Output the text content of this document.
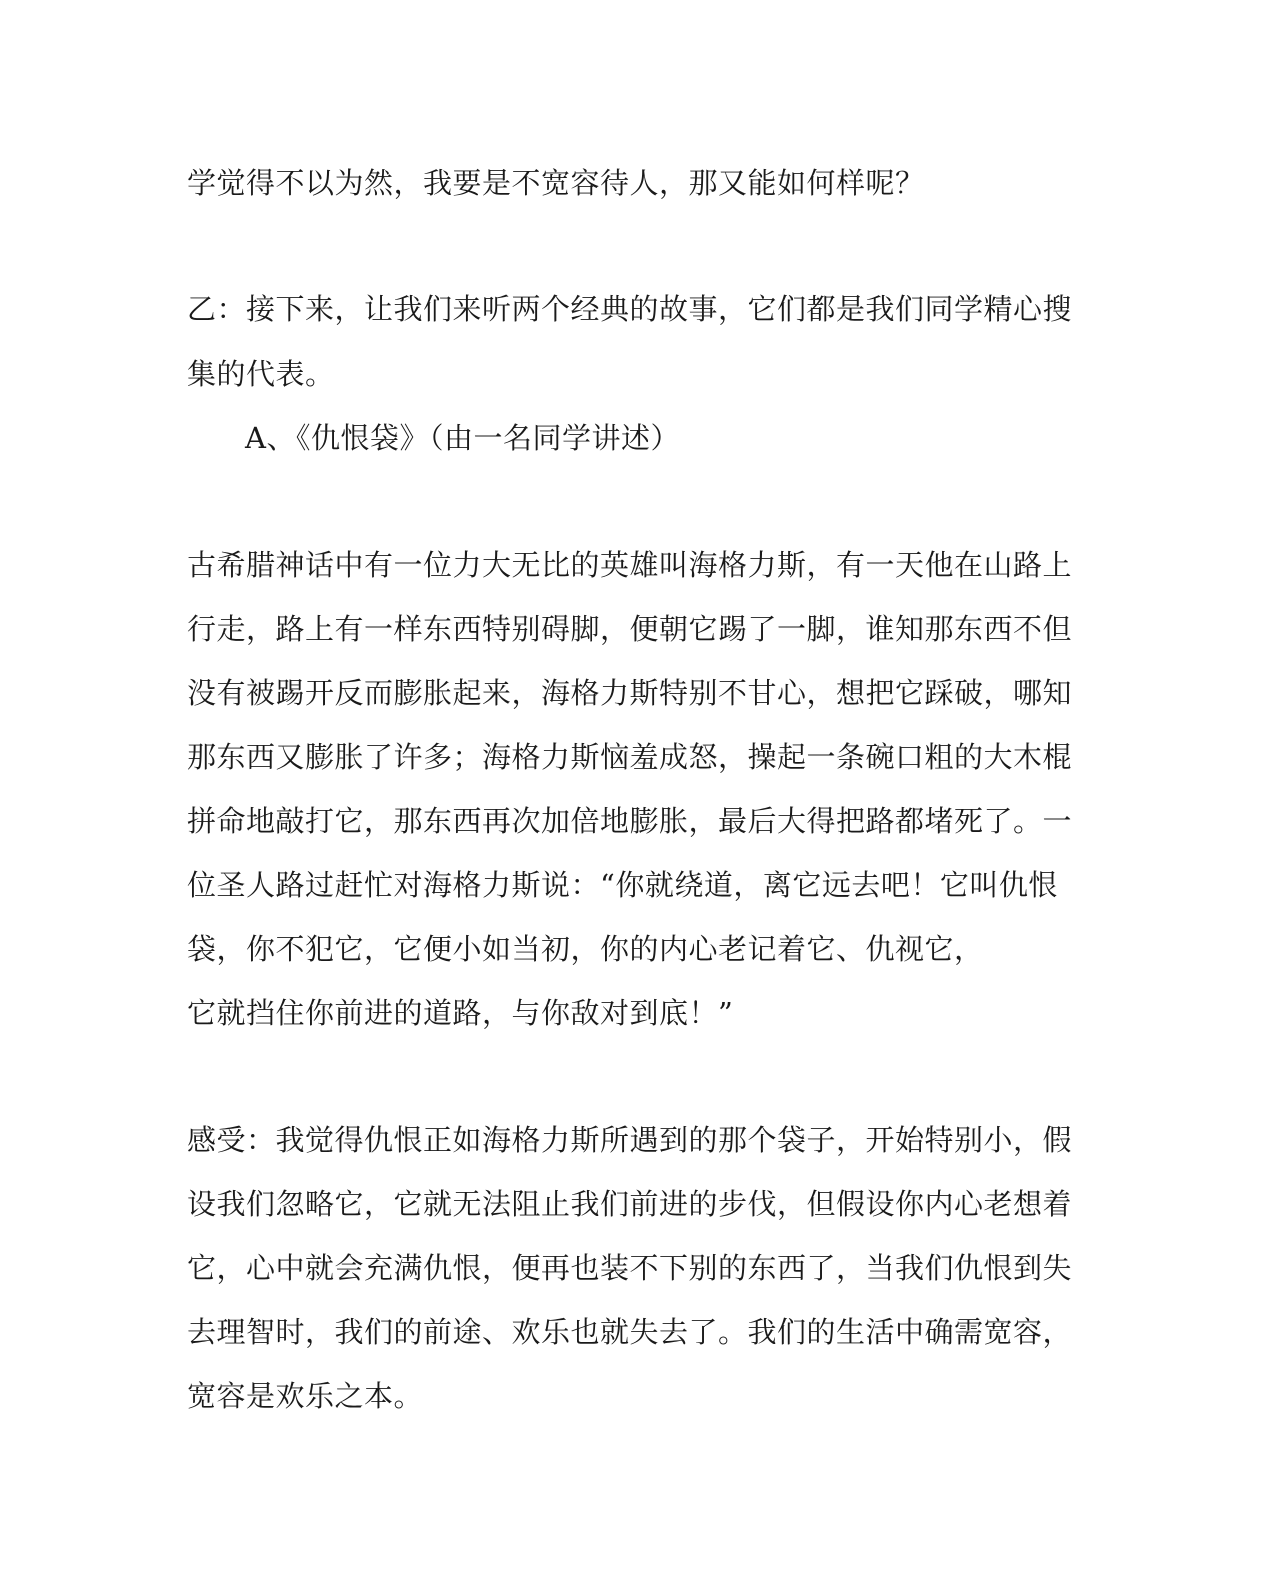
学觉得不以为然，我要是不宽容待人，那又能如何样呢？
乙：接下来，让我们来听两个经典的故事，它们都是我们同学精心搜
集的代表。
A、《仇恨袋》（由一名同学讲述）
古希腊神话中有一位力大无比的英雄叫海格力斯，有一天他在山路上
行走，路上有一样东西特别碍脚，便朝它踢了一脚，谁知那东西不但
没有被踢开反而膨胀起来，海格力斯特别不甘心，想把它踩破，哪知
那东西又膨胀了许多；海格力斯恼羞成怒，操起一条碗口粗的大木棍
拼命地敲打它，那东西再次加倍地膨胀，最后大得把路都堵死了。一
位圣人路过赶忙对海格力斯说：“你就绕道，离它远去吧！它叫仇恨
袋，你不犯它，它便小如当初，你的内心老记着它、仇视它，
它就挡住你前进的道路，与你敌对到底！”
感受：我觉得仇恨正如海格力斯所遇到的那个袋子，开始特别小，假
设我们忽略它，它就无法阻止我们前进的步伐，但假设你内心老想着
它，心中就会充满仇恨，便再也装不下别的东西了，当我们仇恨到失
去理智时，我们的前途、欢乐也就失去了。我们的生活中确需宽容，
宽容是欢乐之本。
